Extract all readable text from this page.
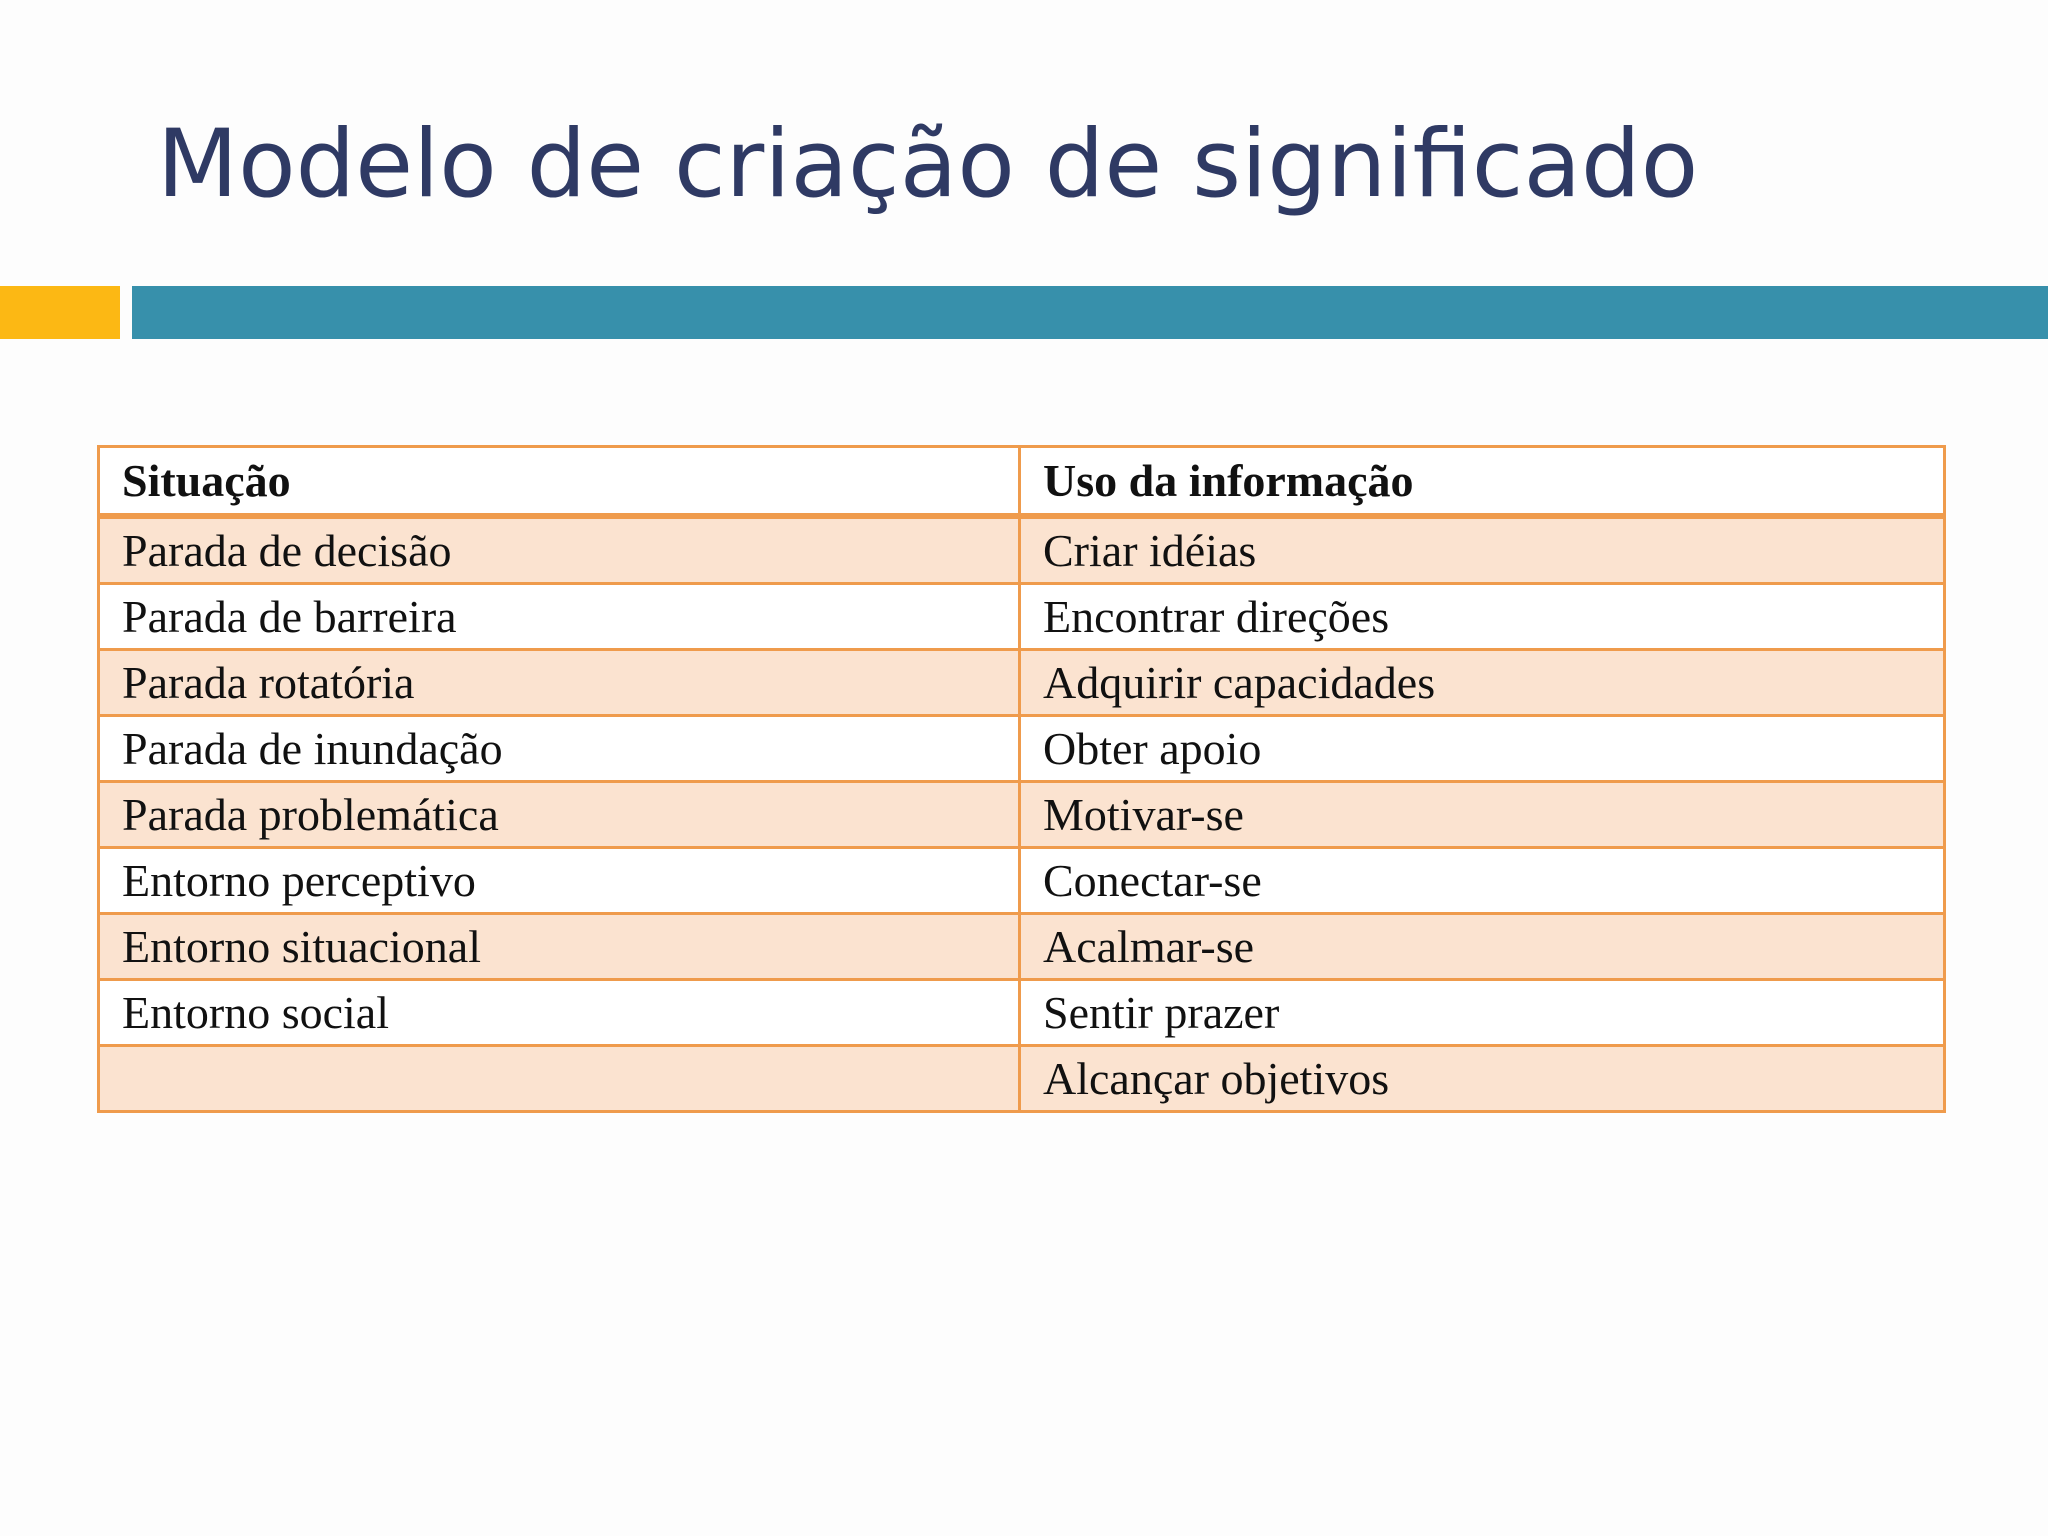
Modelo de criação de significado
Situação	Uso da informação
Parada de decisão	Criar idéias
Parada de barreira	Encontrar direções
Parada rotatória	Adquirir capacidades
Parada de inundação	Obter apoio
Parada problemática	Motivar-se
Entorno perceptivo	Conectar-se
Entorno situacional	Acalmar-se
Entorno social	Sentir prazer
	Alcançar objetivos
